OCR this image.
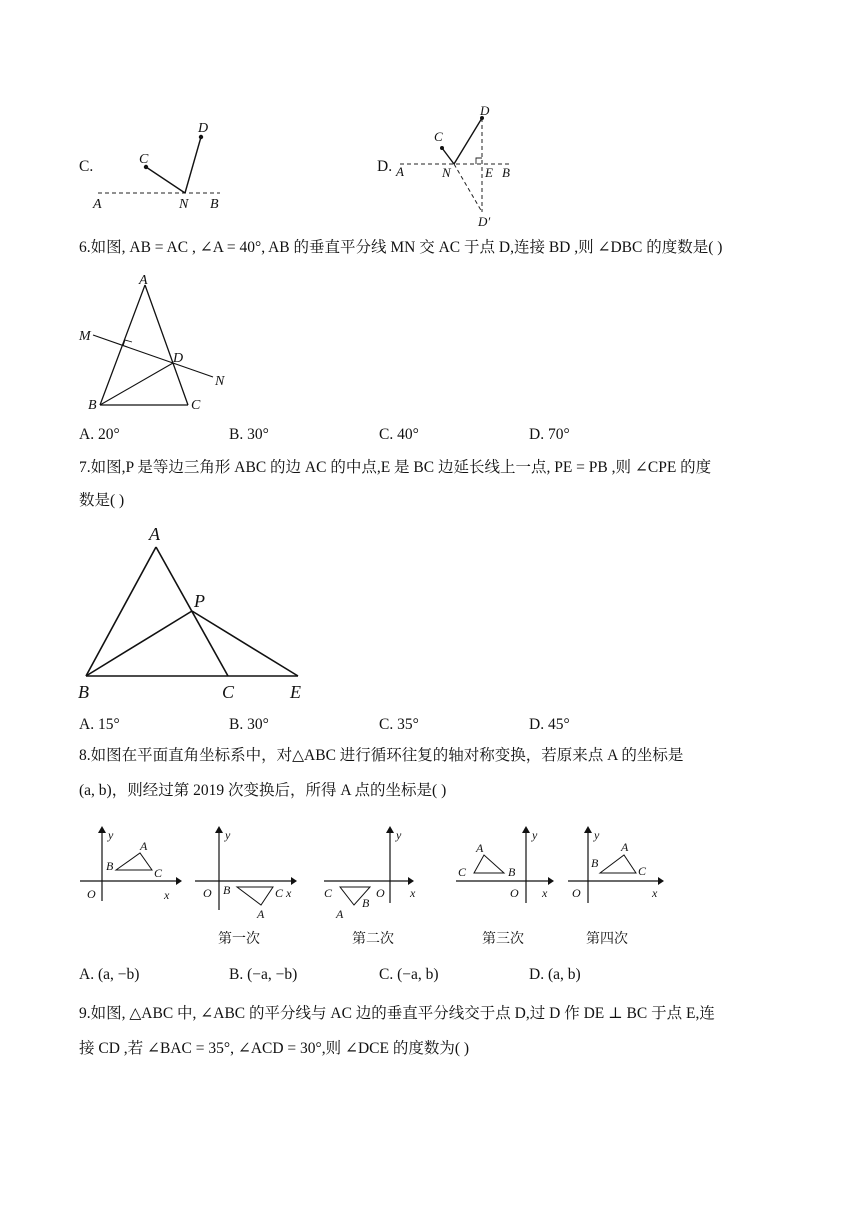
C.
A	N B
C
D
D. A	N	E B
C
D
D′
6.如图, AB = AC , ∠A = 40°, AB 的垂直平分线 MN 交 AC 于点 D,连接 BD ,则 ∠DBC 的度数是( )
A
M
D
N
B	C
A. 20°	B. 30°	C. 40°	D. 70°
7.如图,P 是等边三角形 ABC 的边 AC 的中点,E 是 BC 边延长线上一点, PE = PB ,则 ∠CPE 的度
数是( )
A
P
B	C	E
A. 15°	B. 30°	C. 35°	D. 45°
8.如图在平面直角坐标系中，对△ABC 进行循环往复的轴对称变换，若原来点 A 的坐标是
(a, b)，则经过第 2019 次变换后，所得 A 点的坐标是( )
y
O	x
B
A
C
y
O	x
B
A
C
第一次
y
O x
C
B
A
第二次
y
O x
C
A
B
第三次
y
O	x
B
A
C
第四次
A. (a, −b)	B. (−a, −b)	C. (−a, b)	D. (a, b)
9.如图, △ABC 中, ∠ABC 的平分线与 AC 边的垂直平分线交于点 D,过 D 作 DE ⊥ BC 于点 E,连
接 CD ,若 ∠BAC = 35°, ∠ACD = 30°,则 ∠DCE 的度数为( )
